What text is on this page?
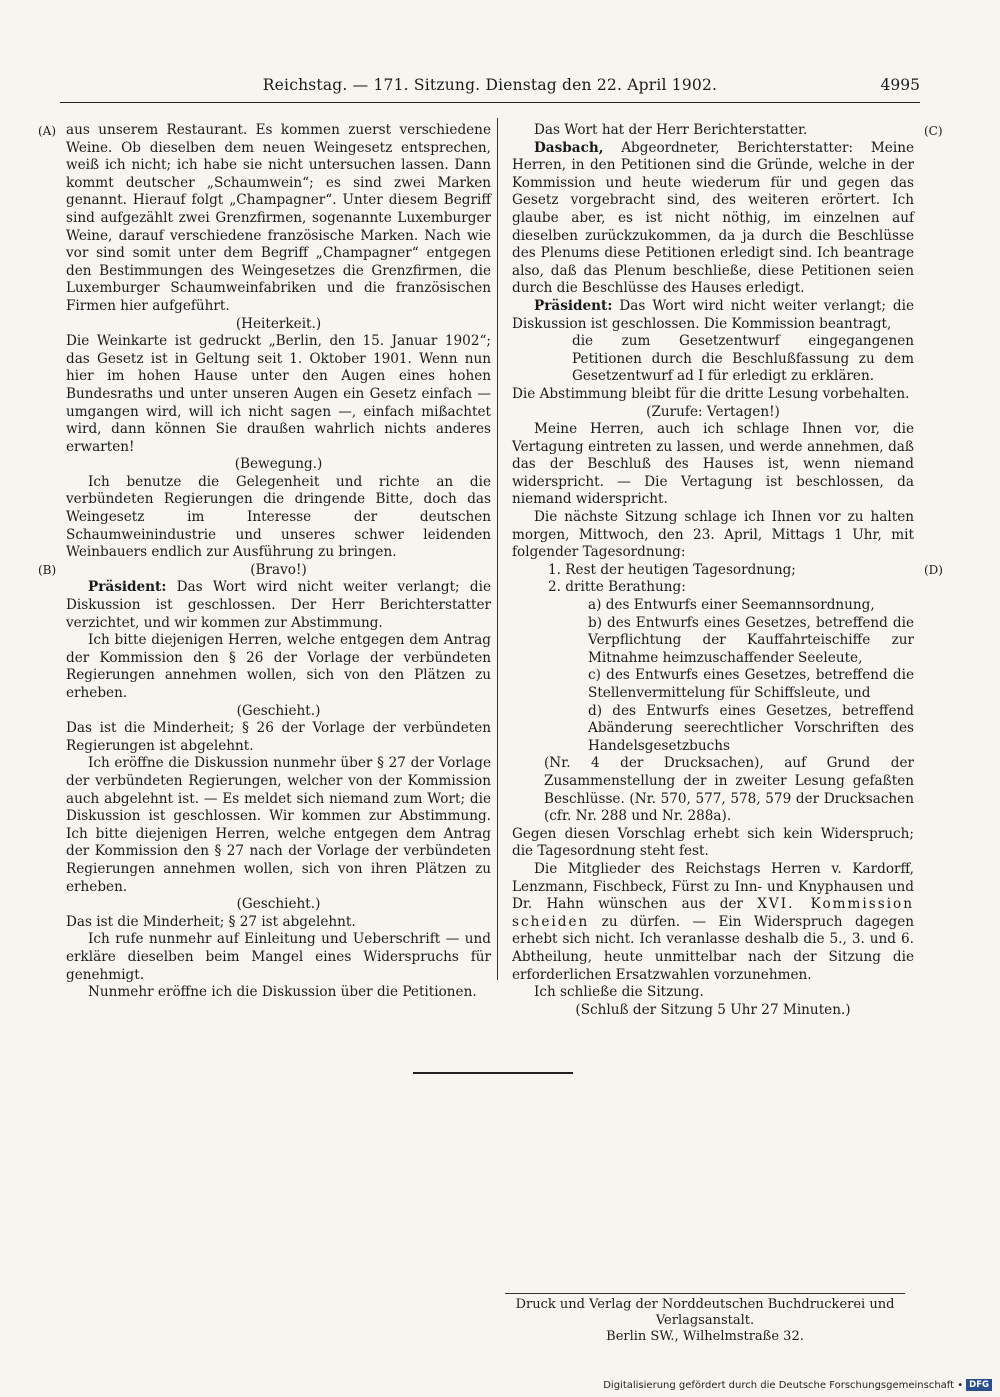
Reichstag. — 171. Sitzung. Dienstag den 22. April 1902.	4995
(A)
(B)
(C)
(D)

aus unserem Restaurant. Es kommen zuerst verschiedene Weine. Ob dieselben dem neuen Weingesetz entsprechen, weiß ich nicht; ich habe sie nicht untersuchen lassen. Dann kommt deutscher „Schaumwein“; es sind zwei Marken genannt. Hierauf folgt „Champagner“. Unter diesem Begriff sind aufgezählt zwei Grenzfirmen, sogenannte Luxemburger Weine, darauf verschiedene französische Marken. Nach wie vor sind somit unter dem Begriff „Champagner“ entgegen den Bestimmungen des Weingesetzes die Grenzfirmen, die Luxemburger Schaumweinfabriken und die französischen Firmen hier aufgeführt.

(Heiterkeit.)

Die Weinkarte ist gedruckt „Berlin, den 15. Januar 1902“; das Gesetz ist in Geltung seit 1. Oktober 1901. Wenn nun hier im hohen Hause unter den Augen eines hohen Bundesraths und unter unseren Augen ein Gesetz einfach — umgangen wird, will ich nicht sagen —, einfach mißachtet wird, dann können Sie draußen wahrlich nichts anderes erwarten!

(Bewegung.)

Ich benutze die Gelegenheit und richte an die verbündeten Regierungen die dringende Bitte, doch das Weingesetz im Interesse der deutschen Schaumweinindustrie und unseres schwer leidenden Weinbauers endlich zur Ausführung zu bringen.

(Bravo!)

Präsident: Das Wort wird nicht weiter verlangt; die Diskussion ist geschlossen. Der Herr Berichterstatter verzichtet, und wir kommen zur Abstimmung.

Ich bitte diejenigen Herren, welche entgegen dem Antrag der Kommission den § 26 der Vorlage der verbündeten Regierungen annehmen wollen, sich von den Plätzen zu erheben.

(Geschieht.)

Das ist die Minderheit; § 26 der Vorlage der verbündeten Regierungen ist abgelehnt.

Ich eröffne die Diskussion nunmehr über § 27 der Vorlage der verbündeten Regierungen, welcher von der Kommission auch abgelehnt ist. — Es meldet sich niemand zum Wort; die Diskussion ist geschlossen. Wir kommen zur Abstimmung. Ich bitte diejenigen Herren, welche entgegen dem Antrag der Kommission den § 27 nach der Vorlage der verbündeten Regierungen annehmen wollen, sich von ihren Plätzen zu erheben.

(Geschieht.)

Das ist die Minderheit; § 27 ist abgelehnt.

Ich rufe nunmehr auf Einleitung und Ueberschrift — und erkläre dieselben beim Mangel eines Widerspruchs für genehmigt.

Nunmehr eröffne ich die Diskussion über die Petitionen.

Das Wort hat der Herr Berichterstatter.

Dasbach, Abgeordneter, Berichterstatter: Meine Herren, in den Petitionen sind die Gründe, welche in der Kommission und heute wiederum für und gegen das Gesetz vorgebracht sind, des weiteren erörtert. Ich glaube aber, es ist nicht nöthig, im einzelnen auf dieselben zurückzukommen, da ja durch die Beschlüsse des Plenums diese Petitionen erledigt sind. Ich beantrage also, daß das Plenum beschließe, diese Petitionen seien durch die Beschlüsse des Hauses erledigt.

Präsident: Das Wort wird nicht weiter verlangt; die Diskussion ist geschlossen. Die Kommission beantragt,

die zum Gesetzentwurf eingegangenen Petitionen durch die Beschlußfassung zu dem Gesetzentwurf ad I für erledigt zu erklären.

Die Abstimmung bleibt für die dritte Lesung vorbehalten.

(Zurufe: Vertagen!)

Meine Herren, auch ich schlage Ihnen vor, die Vertagung eintreten zu lassen, und werde annehmen, daß das der Beschluß des Hauses ist, wenn niemand widerspricht. — Die Vertagung ist beschlossen, da niemand widerspricht.

Die nächste Sitzung schlage ich Ihnen vor zu halten morgen, Mittwoch, den 23. April, Mittags 1 Uhr, mit folgender Tagesordnung:

1. Rest der heutigen Tagesordnung;

2. dritte Berathung:

a) des Entwurfs einer Seemannsordnung,

b) des Entwurfs eines Gesetzes, betreffend die Verpflichtung der Kauffahrteischiffe zur Mitnahme heimzuschaffender Seeleute,

c) des Entwurfs eines Gesetzes, betreffend die Stellenvermittelung für Schiffsleute, und

d) des Entwurfs eines Gesetzes, betreffend Abänderung seerechtlicher Vorschriften des Handelsgesetzbuchs

(Nr. 4 der Drucksachen), auf Grund der Zusammenstellung der in zweiter Lesung gefaßten Beschlüsse. (Nr. 570, 577, 578, 579 der Drucksachen (cfr. Nr. 288 und Nr. 288a).

Gegen diesen Vorschlag erhebt sich kein Widerspruch; die Tagesordnung steht fest.

Die Mitglieder des Reichstags Herren v. Kardorff, Lenzmann, Fischbeck, Fürst zu Inn- und Knyphausen und Dr. Hahn wünschen aus der XVI. Kommission scheiden zu dürfen. — Ein Widerspruch dagegen erhebt sich nicht. Ich veranlasse deshalb die 5., 3. und 6. Abtheilung, heute unmittelbar nach der Sitzung die erforderlichen Ersatzwahlen vorzunehmen.

Ich schließe die Sitzung.

(Schluß der Sitzung 5 Uhr 27 Minuten.)

Druck und Verlag der Norddeutschen Buchdruckerei und Verlagsanstalt.
Berlin SW., Wilhelmstraße 32.
Digitalisierung gefördert durch die Deutsche Forschungsgemeinschaft • DFG
